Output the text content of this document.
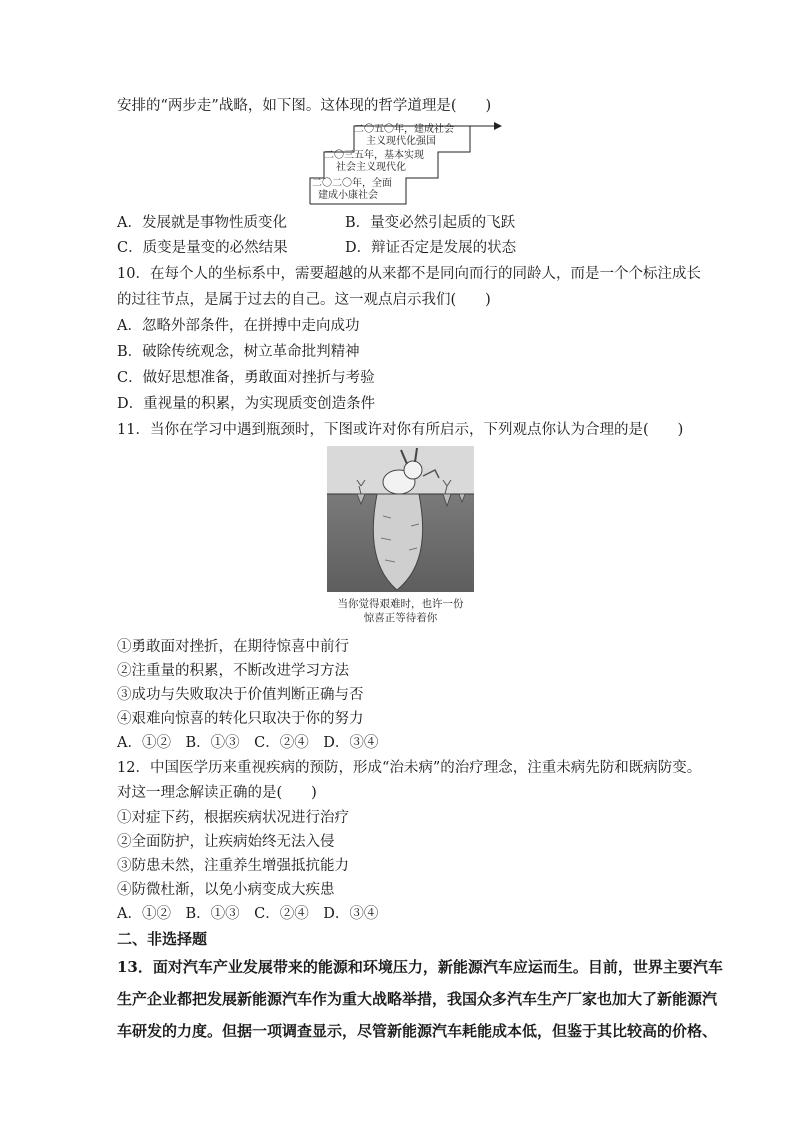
安排的“两步走”战略，如下图。这体现的哲学道理是(　　)
二〇五〇年，建成社会
主义现代化强国
二〇三五年，基本实现
社会主义现代化
二〇二〇年，全面
建成小康社会
A．发展就是事物性质变化	B．量变必然引起质的飞跃
C．质变是量变的必然结果	D．辩证否定是发展的状态
10．在每个人的坐标系中，需要超越的从来都不是同向而行的同龄人，而是一个个标注成长
的过往节点，是属于过去的自己。这一观点启示我们(　　)
A．忽略外部条件，在拼搏中走向成功
B．破除传统观念，树立革命批判精神
C．做好思想准备，勇敢面对挫折与考验
D．重视量的积累，为实现质变创造条件
11．当你在学习中遇到瓶颈时，下图或许对你有所启示，下列观点你认为合理的是(　　)
当你觉得艰难时，也许一份
惊喜正等待着你
①勇敢面对挫折，在期待惊喜中前行
②注重量的积累，不断改进学习方法
③成功与失败取决于价值判断正确与否
④艰难向惊喜的转化只取决于你的努力
A．①②　B．①③　C．②④　D．③④
12．中国医学历来重视疾病的预防，形成“治未病”的治疗理念，注重未病先防和既病防变。
对这一理念解读正确的是(　　)
①对症下药，根据疾病状况进行治疗
②全面防护，让疾病始终无法入侵
③防患未然，注重养生增强抵抗能力
④防微杜渐，以免小病变成大疾患
A．①②　B．①③　C．②④　D．③④
二、非选择题
13．面对汽车产业发展带来的能源和环境压力，新能源汽车应运而生。目前，世界主要汽车
生产企业都把发展新能源汽车作为重大战略举措，我国众多汽车生产厂家也加大了新能源汽
车研发的力度。但据一项调查显示，尽管新能源汽车耗能成本低，但鉴于其比较高的价格、
